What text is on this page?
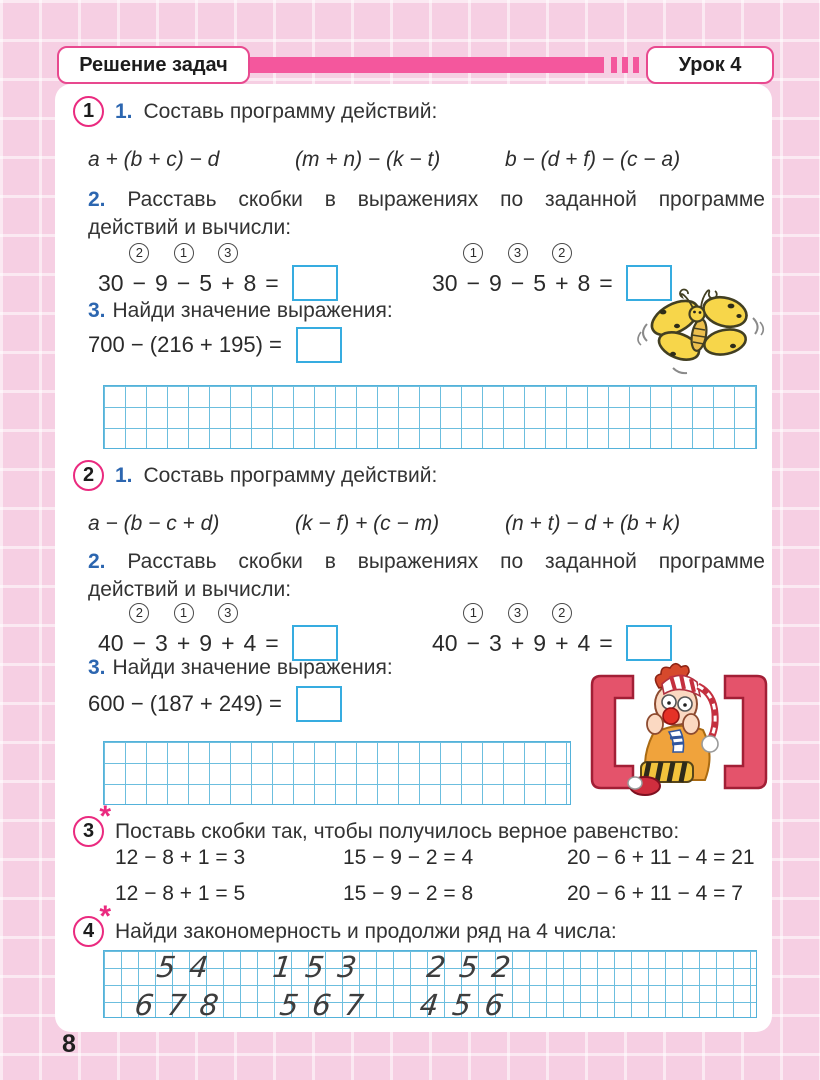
Решение задач	Урок 4
1 1. Составь программу действий:
a + (b + c) − d	(m + n) − (k − t)	b − (d + f) − (c − a)
2. Расставь скобки в выражениях по заданной программе
действий и вычисли:
30
2
− 9
1
− 5
3
+ 8 =	30
1
− 9
3
− 5
2
+ 8 =
3. Найди значение выражения:
700 − (216 + 195) =
2 1. Составь программу действий:
a − (b − c + d)	(k − f) + (c − m)	(n + t) − d + (b + k)
2. Расставь скобки в выражениях по заданной программе
действий и вычисли:
40
2
− 3
1
+ 9
3
+ 4 =	40
1
− 3
3
+ 9
2
+ 4 =
3. Найди значение выражения:
600 − (187 + 249) =
3 * Поставь скобки так, чтобы получилось верное равенство:
12 − 8 + 1 = 3	15 − 9 − 2 = 4	20 − 6 + 11 − 4 = 21
12 − 8 + 1 = 5	15 − 9 − 2 = 8	20 − 6 + 11 − 4 = 7
4 * Найди закономерность и продолжи ряд на 4 числа:
54 153 252
678 567 456
8
